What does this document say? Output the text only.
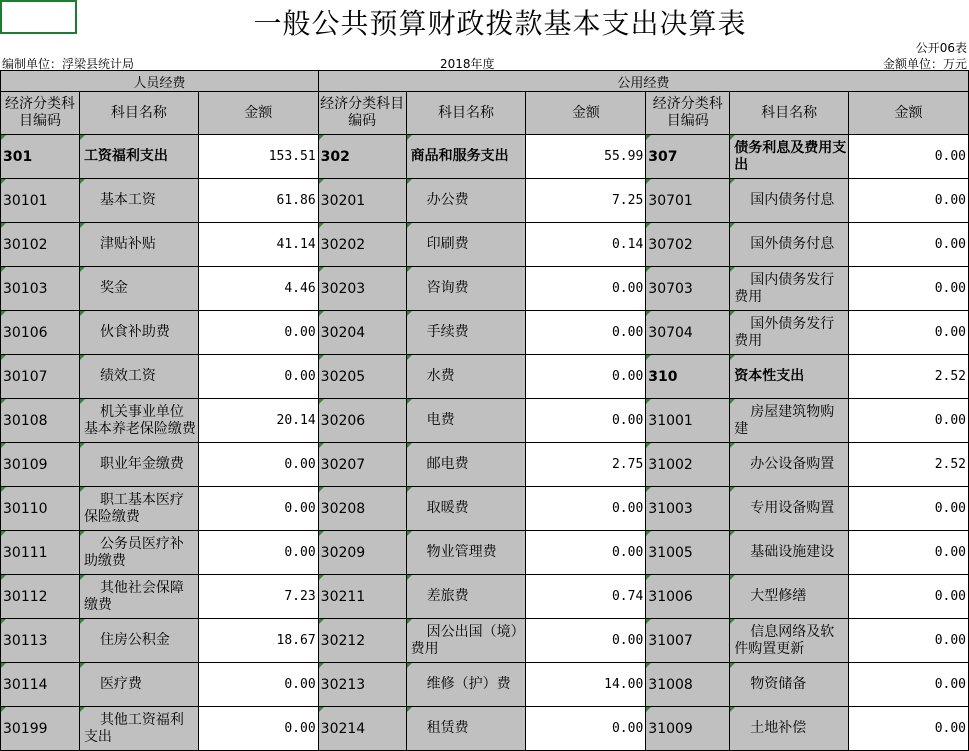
一般公共预算财政拨款基本支出决算表
公开06表
编制单位：浮梁县统计局	2018年度	金额单位：万元
人员经费			公用经费					
经济分类科目编码	科目名称	金额	经济分类科目编码	科目名称	金额	经济分类科目编码	科目名称	金额

301	工资福利支出	153.51	302	商品和服务支出	55.99	307	债务利息及费用支出	0.00

30101	基本工资	61.86	30201	办公费	7.25	30701	国内债务付息	0.00

30102	津贴补贴	41.14	30202	印刷费	0.14	30702	国外债务付息	0.00

30103	奖金	4.46	30203	咨询费	0.00	30703	国内债务发行费用	0.00

30106	伙食补助费	0.00	30204	手续费	0.00	30704	国外债务发行费用	0.00

30107	绩效工资	0.00	30205	水费	0.00	310	资本性支出	2.52

30108	机关事业单位基本养老保险缴费	20.14	30206	电费	0.00	31001	房屋建筑物购建	0.00

30109	职业年金缴费	0.00	30207	邮电费	2.75	31002	办公设备购置	2.52

30110	职工基本医疗保险缴费	0.00	30208	取暖费	0.00	31003	专用设备购置	0.00

30111	公务员医疗补助缴费	0.00	30209	物业管理费	0.00	31005	基础设施建设	0.00

30112	其他社会保障缴费	7.23	30211	差旅费	0.74	31006	大型修缮	0.00

30113	住房公积金	18.67	30212	因公出国（境）费用	0.00	31007	信息网络及软件购置更新	0.00

30114	医疗费	0.00	30213	维修（护）费	14.00	31008	物资储备	0.00

30199	其他工资福利支出	0.00	30214	租赁费	0.00	31009	土地补偿	0.00
